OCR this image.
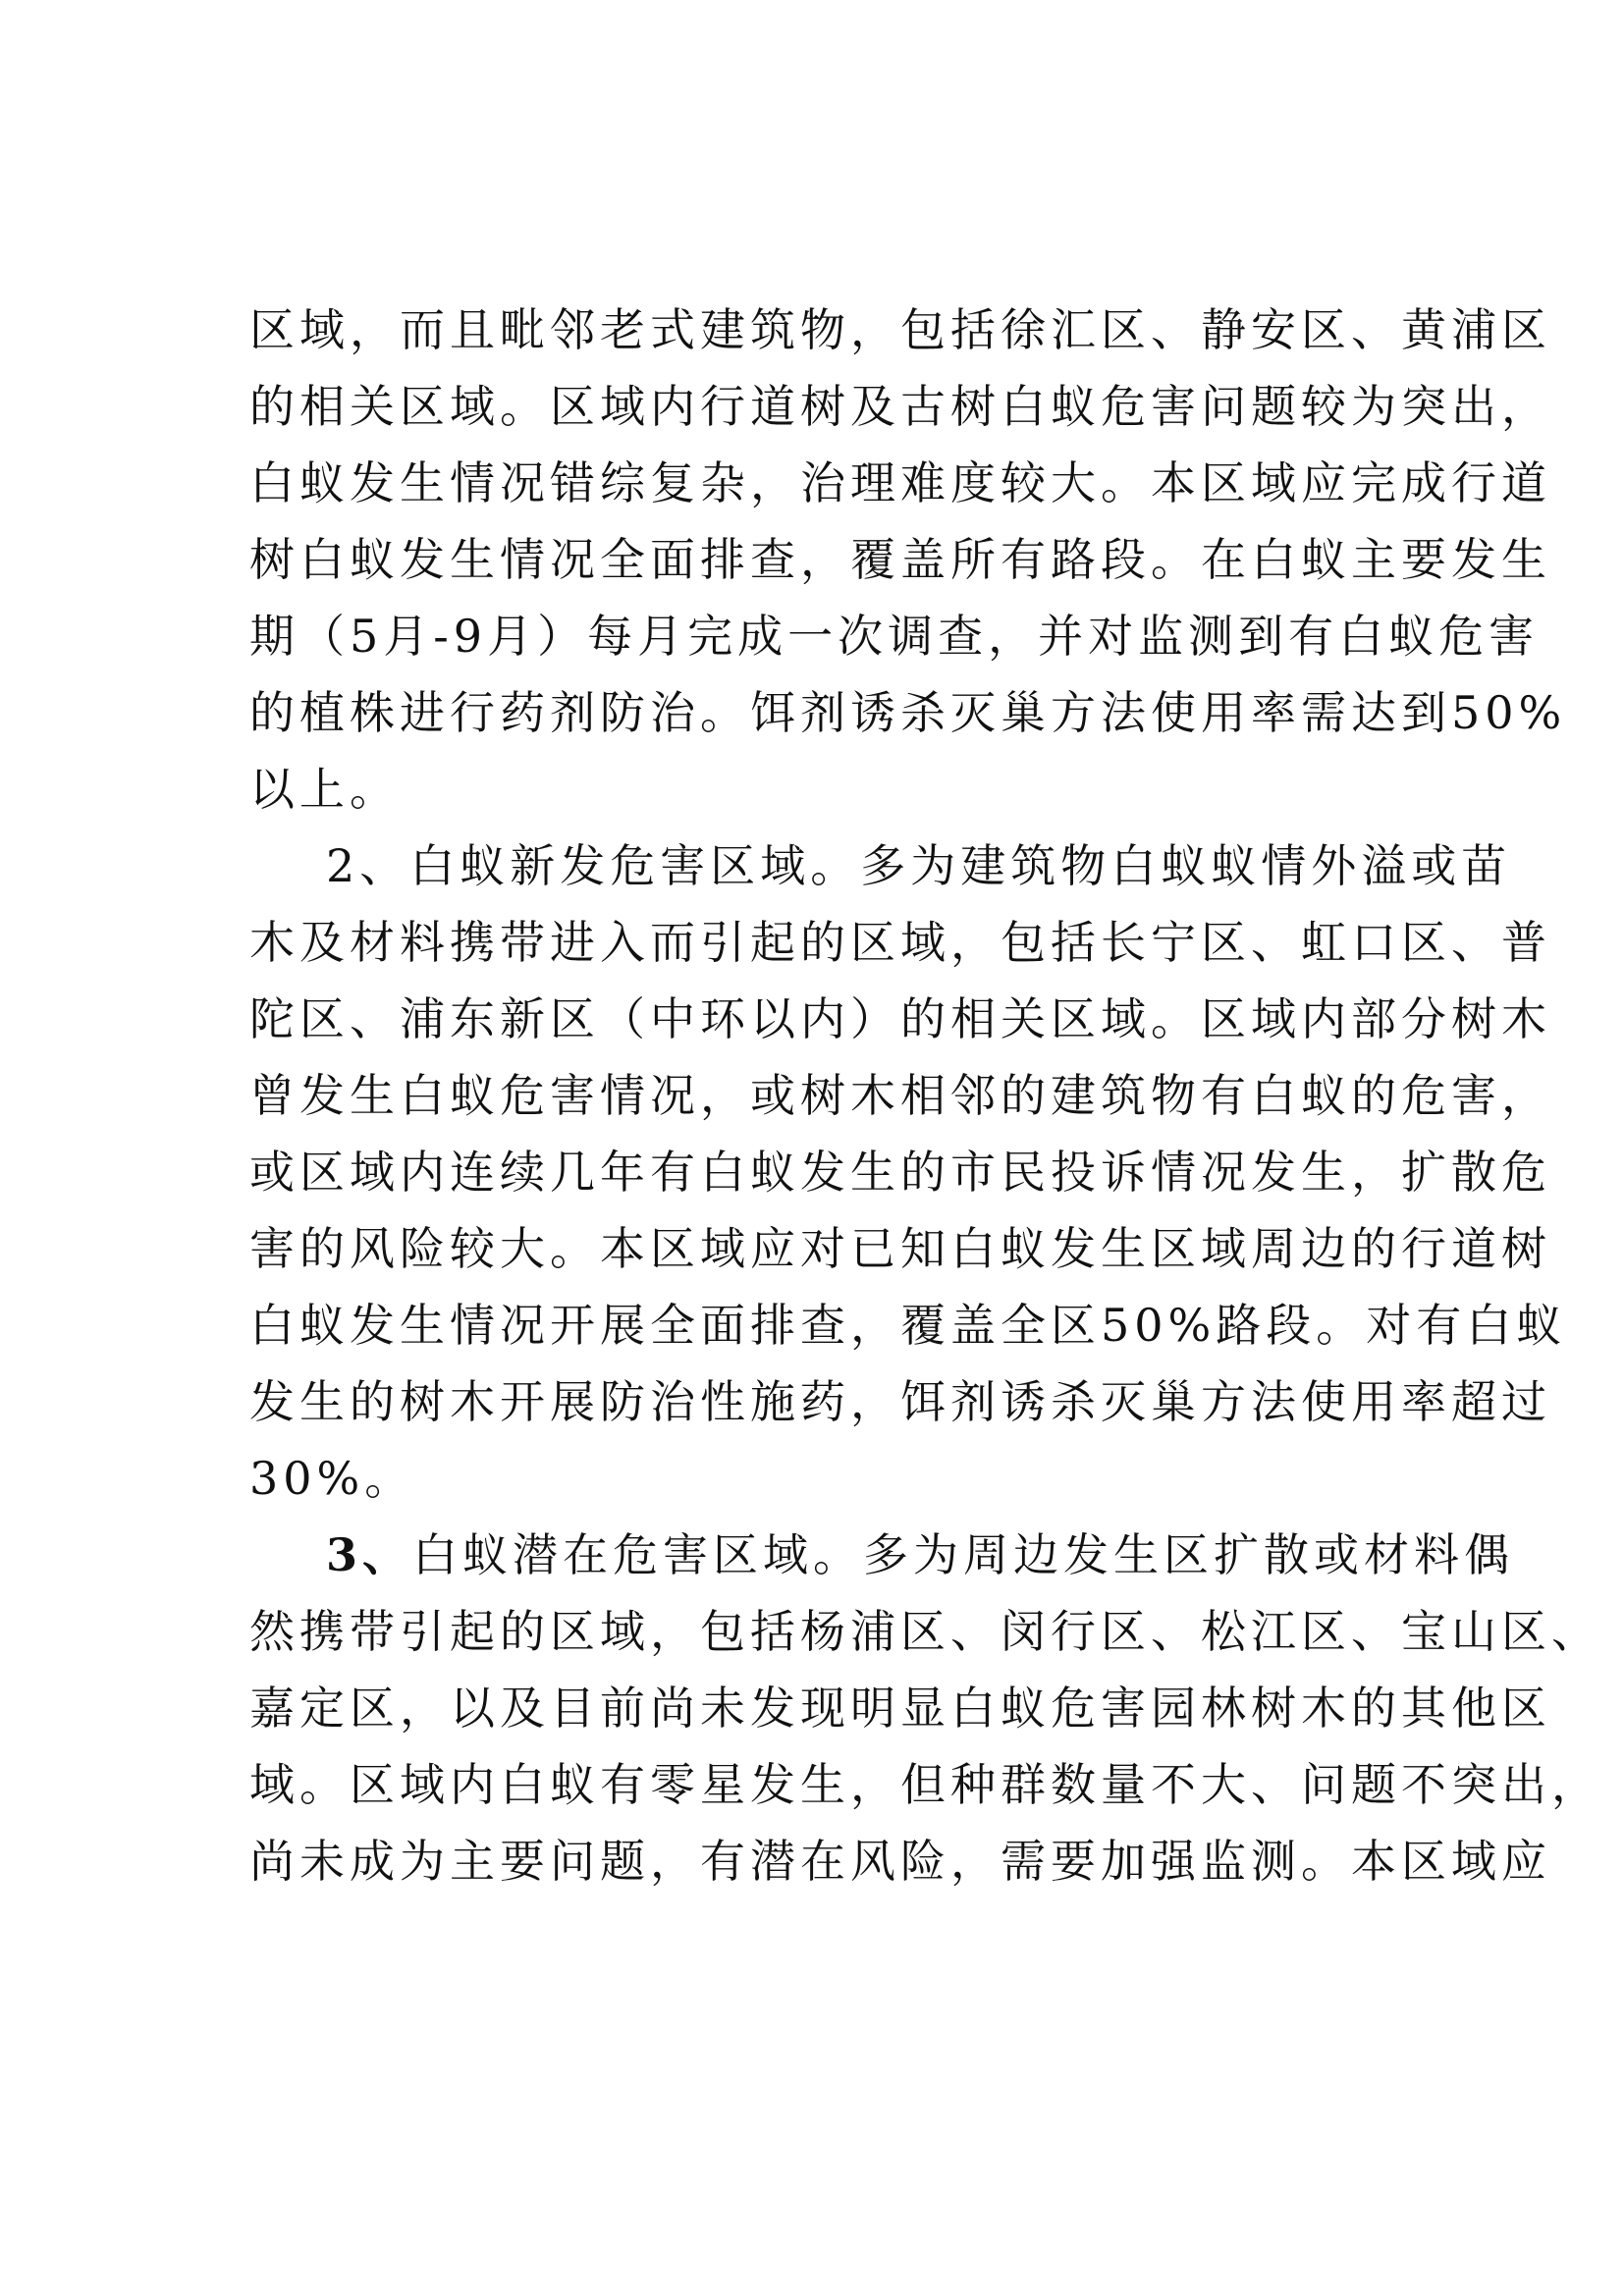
区域，而且毗邻老式建筑物，包括徐汇区、静安区、黄浦区
的相关区域。区域内行道树及古树白蚁危害问题较为突出，
白蚁发生情况错综复杂，治理难度较大。本区域应完成行道
树白蚁发生情况全面排查，覆盖所有路段。在白蚁主要发生
期（5月-9月）每月完成一次调查，并对监测到有白蚁危害
的植株进行药剂防治。饵剂诱杀灭巢方法使用率需达到50%
以上。
2、白蚁新发危害区域。多为建筑物白蚁蚁情外溢或苗
木及材料携带进入而引起的区域，包括长宁区、虹口区、普
陀区、浦东新区（中环以内）的相关区域。区域内部分树木
曾发生白蚁危害情况，或树木相邻的建筑物有白蚁的危害，
或区域内连续几年有白蚁发生的市民投诉情况发生，扩散危
害的风险较大。本区域应对已知白蚁发生区域周边的行道树
白蚁发生情况开展全面排查，覆盖全区50%路段。对有白蚁
发生的树木开展防治性施药，饵剂诱杀灭巢方法使用率超过
30%。
3、白蚁潜在危害区域。多为周边发生区扩散或材料偶
然携带引起的区域，包括杨浦区、闵行区、松江区、宝山区、
嘉定区，以及目前尚未发现明显白蚁危害园林树木的其他区
域。区域内白蚁有零星发生，但种群数量不大、问题不突出，
尚未成为主要问题，有潜在风险，需要加强监测。本区域应
